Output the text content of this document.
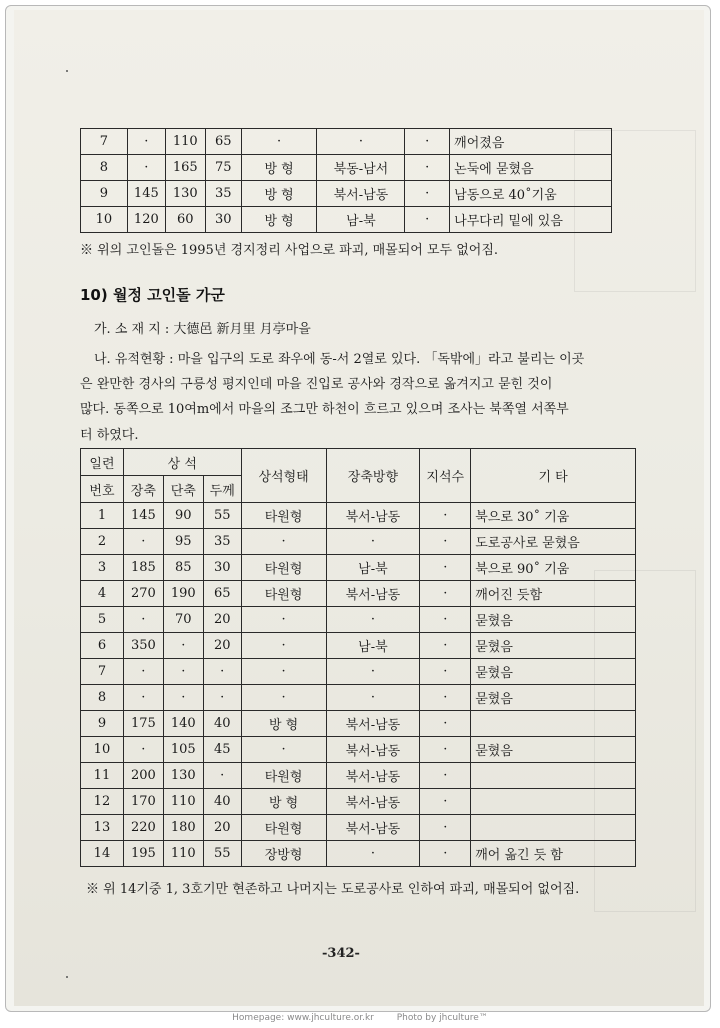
7	·	110	65	·	·	·	깨어졌음
8	·	165	75	방 형	북동-남서	·	논둑에 묻혔음
9	145	130	35	방 형	북서-남동	·	남동으로 40˚기움
10	120	60	30	방 형	남-북	·	나무다리 밑에 있음
※ 위의 고인돌은 1995년 경지정리 사업으로 파괴, 매몰되어 모두 없어짐.
10) 월정 고인돌 가군
가. 소 재 지 : 大德邑 新月里 月亭마을
나. 유적현황 : 마을 입구의 도로 좌우에 동-서 2열로 있다. 「독밖에」라고 불리는 이곳
은 완만한 경사의 구릉성 평지인데 마을 진입로 공사와 경작으로 옮겨지고 묻힌 것이
많다. 동쪽으로 10여m에서 마을의 조그만 하천이 흐르고 있으며 조사는 북쪽열 서쪽부
터 하였다.
일련	상 석			상석형태	장축방향	지석수	기 타
번호	장축	단축	두께				
1	145	90	55	타원형	북서-남동	·	북으로 30˚ 기움
2	·	95	35	·	·	·	도로공사로 묻혔음
3	185	85	30	타원형	남-북	·	북으로 90˚ 기움
4	270	190	65	타원형	북서-남동	·	깨어진 듯함
5	·	70	20	·	·	·	묻혔음
6	350	·	20	·	남-북	·	묻혔음
7	·	·	·	·	·	·	묻혔음
8	·	·	·	·	·	·	묻혔음
9	175	140	40	방 형	북서-남동	·	
10	·	105	45	·	북서-남동	·	묻혔음
11	200	130	·	타원형	북서-남동	·	
12	170	110	40	방 형	북서-남동	·	
13	220	180	20	타원형	북서-남동	·	
14	195	110	55	장방형	·	·	깨어 옮긴 듯 함
※ 위 14기중 1, 3호기만 현존하고 나머지는 도로공사로 인하여 파괴, 매몰되어 없어짐.
-342-
Homepage: www.jhculture.or.kr	Photo by jhculture™
